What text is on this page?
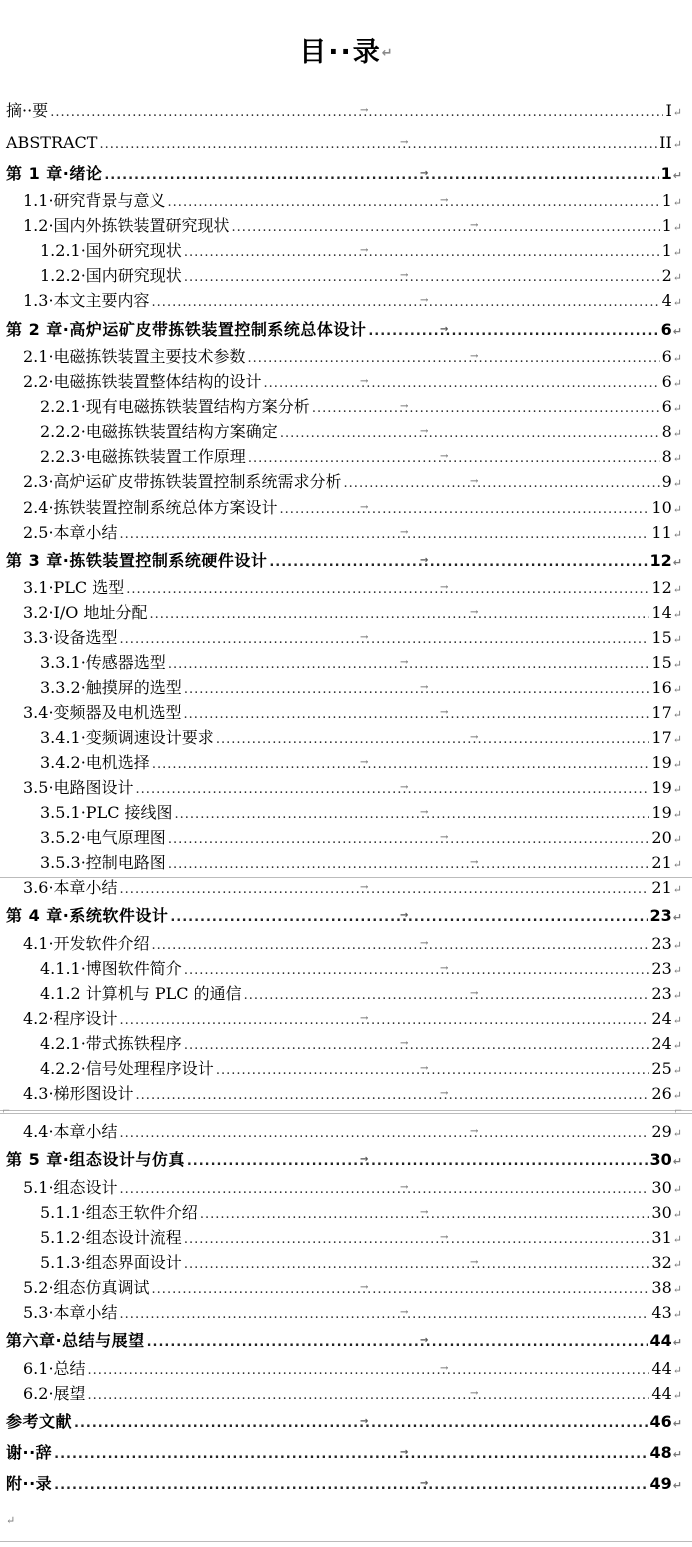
目··录↵
摘··要 .....	I ↵
→
ABSTRACT .....	II ↵
→
第 1 章·绪论 .....	1 ↵
→
1.1·研究背景与意义 .....	1 ↵
→
1.2·国内外拣铁装置研究现状 .....	1 ↵
→
1.2.1·国外研究现状 .....	1 ↵
→
1.2.2·国内研究现状 .....	2 ↵
→
1.3·本文主要内容 .....	4 ↵
→
第 2 章·高炉运矿皮带拣铁装置控制系统总体设计 .....	6 ↵
→
2.1·电磁拣铁装置主要技术参数 .....	6 ↵
→
2.2·电磁拣铁装置整体结构的设计 .....	6 ↵
→
2.2.1·现有电磁拣铁装置结构方案分析 .....	6 ↵
→
2.2.2·电磁拣铁装置结构方案确定 .....	8 ↵
→
2.2.3·电磁拣铁装置工作原理 .....	8 ↵
→
2.3·高炉运矿皮带拣铁装置控制系统需求分析 .....	9 ↵
→
2.4·拣铁装置控制系统总体方案设计 .....	10 ↵
→
2.5·本章小结 .....	11 ↵
→
第 3 章·拣铁装置控制系统硬件设计 .....	12 ↵
→
3.1·PLC 选型 .....	12 ↵
→
3.2·I/O 地址分配 .....	14 ↵
→
3.3·设备选型 .....	15 ↵
→
3.3.1·传感器选型 .....	15 ↵
→
3.3.2·触摸屏的选型 .....	16 ↵
→
3.4·变频器及电机选型 .....	17 ↵
→
3.4.1·变频调速设计要求 .....	17 ↵
→
3.4.2·电机选择 .....	19 ↵
→
3.5·电路图设计 .....	19 ↵
→
3.5.1·PLC 接线图 .....	19 ↵
→
3.5.2·电气原理图 .....	20 ↵
→
3.5.3·控制电路图 .....	21 ↵
→
3.6·本章小结 .....	21 ↵
→
第 4 章·系统软件设计 .....	23 ↵
→
4.1·开发软件介绍 .....	23 ↵
→
4.1.1·博图软件简介 .....	23 ↵
→
4.1.2 计算机与 PLC 的通信 .....	23 ↵
→
4.2·程序设计 .....	24 ↵
→
4.2.1·带式拣铁程序 .....	24 ↵
→
4.2.2·信号处理程序设计 .....	25 ↵
→
4.3·梯形图设计 .....	26 ↵
→
4.4·本章小结 .....	29 ↵
→
第 5 章·组态设计与仿真 .....	30 ↵
→
5.1·组态设计 .....	30 ↵
→
5.1.1·组态王软件介绍 .....	30 ↵
→
5.1.2·组态设计流程 .....	31 ↵
→
5.1.3·组态界面设计 .....	32 ↵
→
5.2·组态仿真调试 .....	38 ↵
→
5.3·本章小结 .....	43 ↵
→
第六章·总结与展望 .....	44 ↵
→
6.1·总结 .....	44 ↵
→
6.2·展望 .....	44 ↵
→
参考文献 .....	46 ↵
→
谢··辞 .....	48 ↵
→
附··录 .....	49 ↵
→
↵
⌐	⌐
